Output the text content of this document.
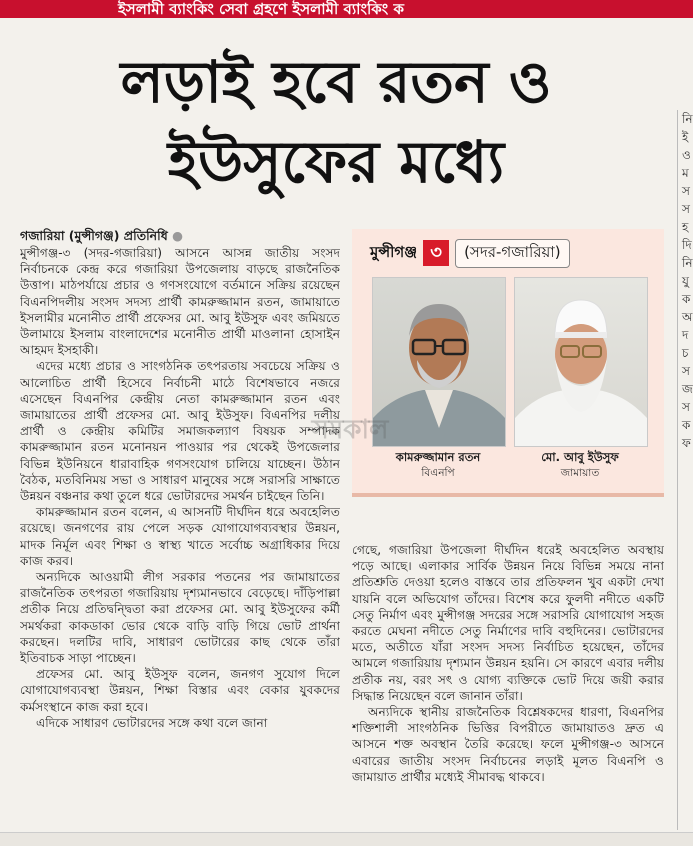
ইসলামী ব্যাংকিং সেবা গ্রহণে ইসলামী ব্যাংকিং ক
লড়াই হবে রতন ও
ইউসুফের মধ্যে
নি ই ও ম স স হ দি নি যু ক অ দ চ স জ স ক ফ
গজারিয়া (মুন্সীগঞ্জ) প্রতিনিধি ●

মুন্সীগঞ্জ-৩ (সদর-গজারিয়া) আসনে আসন্ন জাতীয় সংসদ নির্বাচনকে কেন্দ্র করে গজারিয়া উপজেলায় বাড়ছে রাজনৈতিক উত্তাপ। মাঠপর্যায়ে প্রচার ও গণসংযোগে বর্তমানে সক্রিয় রয়েছেন বিএনপিদলীয় সংসদ সদস্য প্রার্থী কামরুজ্জামান রতন, জামায়াতে ইসলামীর মনোনীত প্রার্থী প্রফেসর মো. আবু ইউসুফ এবং জমিয়তে উলামায়ে ইসলাম বাংলাদেশের মনোনীত প্রার্থী মাওলানা হোসাইন আহমদ ইসহাকী।

এদের মধ্যে প্রচার ও সাংগঠনিক তৎপরতায় সবচেয়ে সক্রিয় ও আলোচিত প্রার্থী হিসেবে নির্বাচনী মাঠে বিশেষভাবে নজরে এসেছেন বিএনপির কেন্দ্রীয় নেতা কামরুজ্জামান রতন এবং জামায়াতের প্রার্থী প্রফেসর মো. আবু ইউসুফ। বিএনপির দলীয় প্রার্থী ও কেন্দ্রীয় কমিটির সমাজকল্যাণ বিষয়ক সম্পাদক কামরুজ্জামান রতন মনোনয়ন পাওয়ার পর থেকেই উপজেলার বিভিন্ন ইউনিয়নে ধারাবাহিক গণসংযোগ চালিয়ে যাচ্ছেন। উঠান বৈঠক, মতবিনিময় সভা ও সাধারণ মানুষের সঙ্গে সরাসরি সাক্ষাতে উন্নয়ন বঞ্চনার কথা তুলে ধরে ভোটারদের সমর্থন চাইছেন তিনি।

কামরুজ্জামান রতন বলেন, এ আসনটি দীর্ঘদিন ধরে অবহেলিত রয়েছে। জনগণের রায় পেলে সড়ক যোগাযোগব্যবস্থার উন্নয়ন, মাদক নির্মূল এবং শিক্ষা ও স্বাস্থ্য খাতে সর্বোচ্চ অগ্রাধিকার দিয়ে কাজ করব।

অন্যদিকে আওয়ামী লীগ সরকার পতনের পর জামায়াতের রাজনৈতিক তৎপরতা গজারিয়ায় দৃশ্যমানভাবে বেড়েছে। দাঁড়িপাল্লা প্রতীক নিয়ে প্রতিদ্বন্দ্বিতা করা প্রফেসর মো. আবু ইউসুফের কর্মী সমর্থকরা কাকডাকা ভোর থেকে বাড়ি বাড়ি গিয়ে ভোট প্রার্থনা করছেন। দলটির দাবি, সাধারণ ভোটারের কাছ থেকে তাঁরা ইতিবাচক সাড়া পাচ্ছেন।

প্রফেসর মো. আবু ইউসুফ বলেন, জনগণ সুযোগ দিলে যোগাযোগব্যবস্থা উন্নয়ন, শিক্ষা বিস্তার এবং বেকার যুবকদের কর্মসংস্থানে কাজ করা হবে।

এদিকে সাধারণ ভোটারদের সঙ্গে কথা বলে জানা

মুন্সীগঞ্জ ৩	(সদর-গজারিয়া)
কামরুজ্জামান রতন
বিএনপি
মো. আবু ইউসুফ
জামায়াত
সমকাল

গেছে, গজারিয়া উপজেলা দীর্ঘদিন ধরেই অবহেলিত অবস্থায় পড়ে আছে। এলাকার সার্বিক উন্নয়ন নিয়ে বিভিন্ন সময়ে নানা প্রতিশ্রুতি দেওয়া হলেও বাস্তবে তার প্রতিফলন খুব একটা দেখা যায়নি বলে অভিযোগ তাঁদের। বিশেষ করে ফুলদী নদীতে একটি সেতু নির্মাণ এবং মুন্সীগঞ্জ সদরের সঙ্গে সরাসরি যোগাযোগ সহজ করতে মেঘনা নদীতে সেতু নির্মাণের দাবি বহুদিনের। ভোটারদের মতে, অতীতে যাঁরা সংসদ সদস্য নির্বাচিত হয়েছেন, তাঁদের আমলে গজারিয়ায় দৃশ্যমান উন্নয়ন হয়নি। সে কারণে এবার দলীয় প্রতীক নয়, বরং সৎ ও যোগ্য ব্যক্তিকে ভোট দিয়ে জয়ী করার সিদ্ধান্ত নিয়েছেন বলে জানান তাঁরা।

অন্যদিকে স্থানীয় রাজনৈতিক বিশ্লেষকদের ধারণা, বিএনপির শক্তিশালী সাংগঠনিক ভিত্তির বিপরীতে জামায়াতও দ্রুত এ আসনে শক্ত অবস্থান তৈরি করেছে। ফলে মুন্সীগঞ্জ-৩ আসনে এবারের জাতীয় সংসদ নির্বাচনের লড়াই মূলত বিএনপি ও জামায়াত প্রার্থীর মধ্যেই সীমাবদ্ধ থাকবে।
